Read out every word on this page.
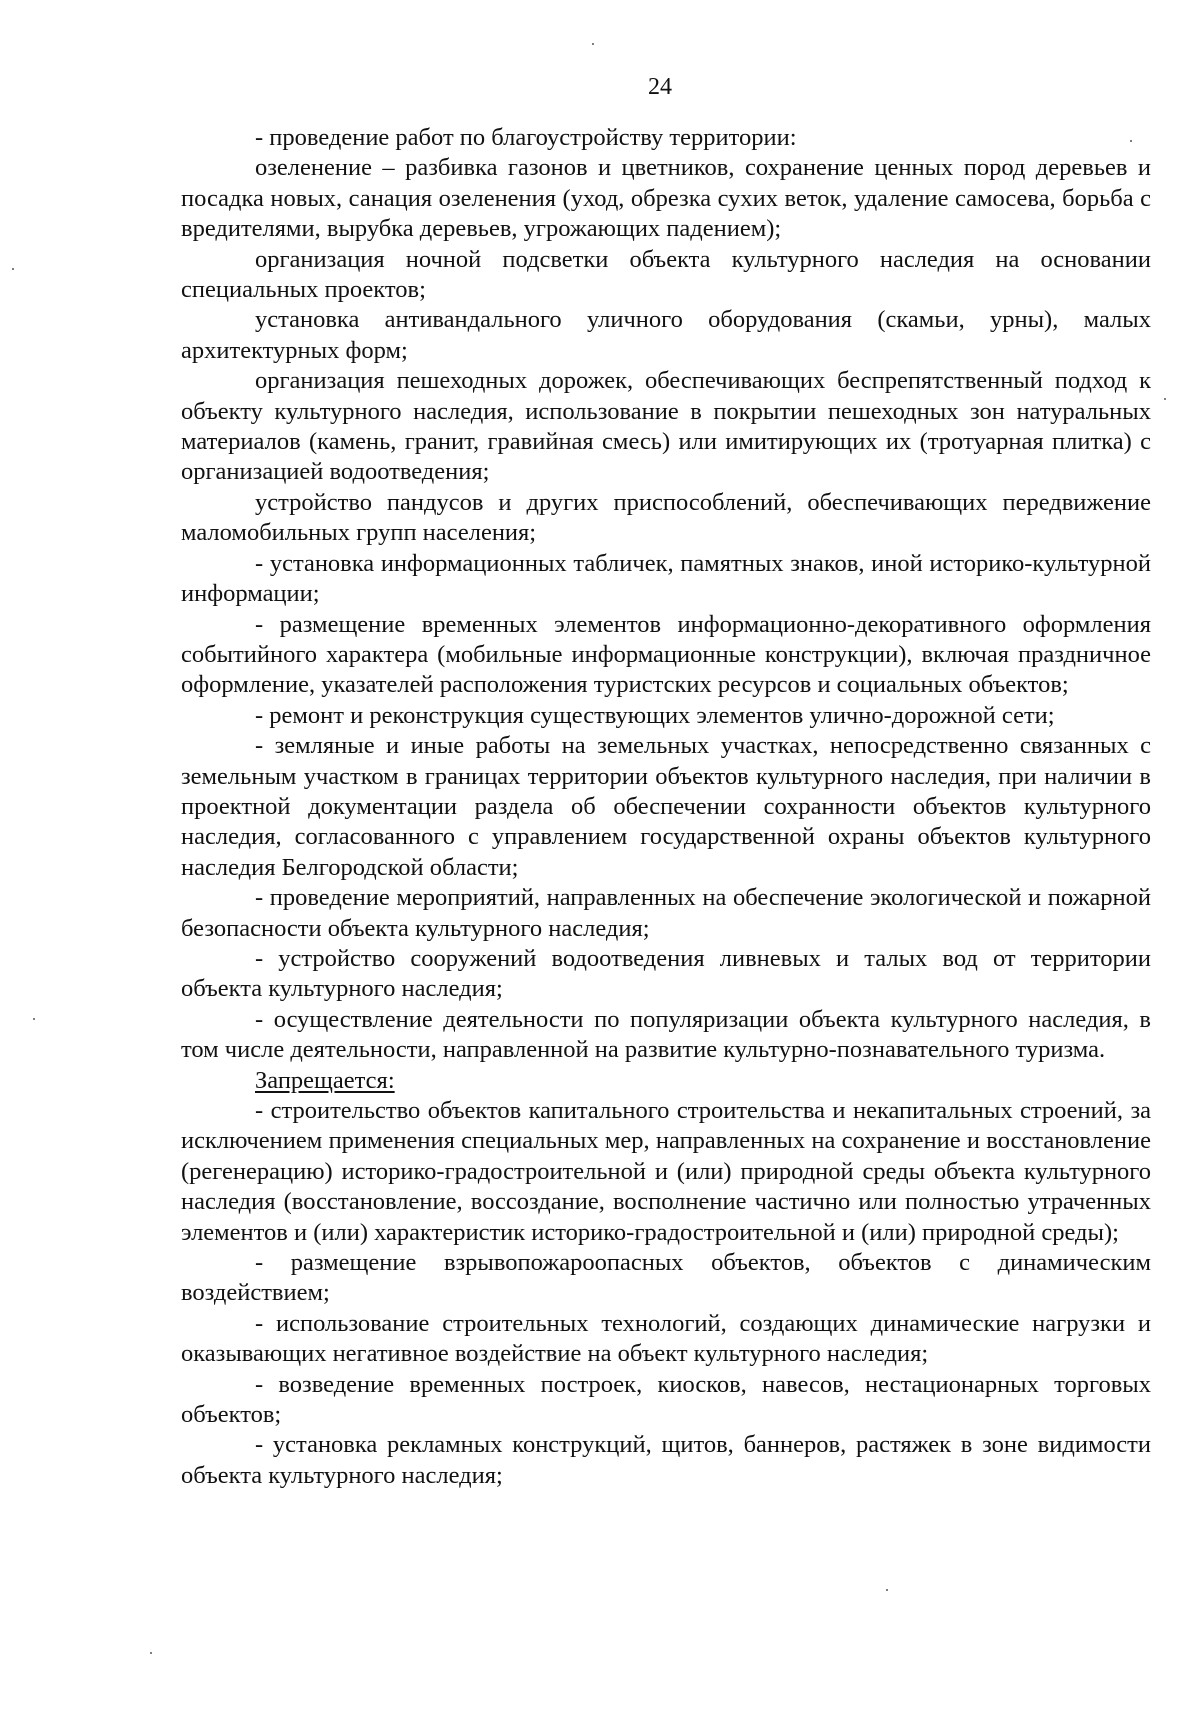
24

- проведение работ по благоустройству территории:

озеленение – разбивка газонов и цветников, сохранение ценных пород деревьев и посадка новых, санация озеленения (уход, обрезка сухих веток, удаление самосева, борьба с вредителями, вырубка деревьев, угрожающих падением);

организация ночной подсветки объекта культурного наследия на основании специальных проектов;

установка антивандального уличного оборудования (скамьи, урны), малых архитектурных форм;

организация пешеходных дорожек, обеспечивающих беспрепятственный подход к объекту культурного наследия, использование в покрытии пешеходных зон натуральных материалов (камень, гранит, гравийная смесь) или имитирующих их (тротуарная плитка) с организацией водоотведения;

устройство пандусов и других приспособлений, обеспечивающих передвижение маломобильных групп населения;

- установка информационных табличек, памятных знаков, иной историко-культурной информации;

- размещение временных элементов информационно-декоративного оформления событийного характера (мобильные информационные конструкции), включая праздничное оформление, указателей расположения туристских ресурсов и социальных объектов;

- ремонт и реконструкция существующих элементов улично-дорожной сети;

- земляные и иные работы на земельных участках, непосредственно связанных с земельным участком в границах территории объектов культурного наследия, при наличии в проектной документации раздела об обеспечении сохранности объектов культурного наследия, согласованного с управлением государственной охраны объектов культурного наследия Белгородской области;

- проведение мероприятий, направленных на обеспечение экологической и пожарной безопасности объекта культурного наследия;

- устройство сооружений водоотведения ливневых и талых вод от территории объекта культурного наследия;

- осуществление деятельности по популяризации объекта культурного наследия, в том числе деятельности, направленной на развитие культурно-познавательного туризма.

Запрещается:

- строительство объектов капитального строительства и некапитальных строений, за исключением применения специальных мер, направленных на сохранение и восстановление (регенерацию) историко-градостроительной и (или) природной среды объекта культурного наследия (восстановление, воссоздание, восполнение частично или полностью утраченных элементов и (или) характеристик историко-градостроительной и (или) природной среды);

- размещение взрывопожароопасных объектов, объектов с динамическим воздействием;

- использование строительных технологий, создающих динамические нагрузки и оказывающих негативное воздействие на объект культурного наследия;

- возведение временных построек, киосков, навесов, нестационарных торговых объектов;

- установка рекламных конструкций, щитов, баннеров, растяжек в зоне видимости объекта культурного наследия;
